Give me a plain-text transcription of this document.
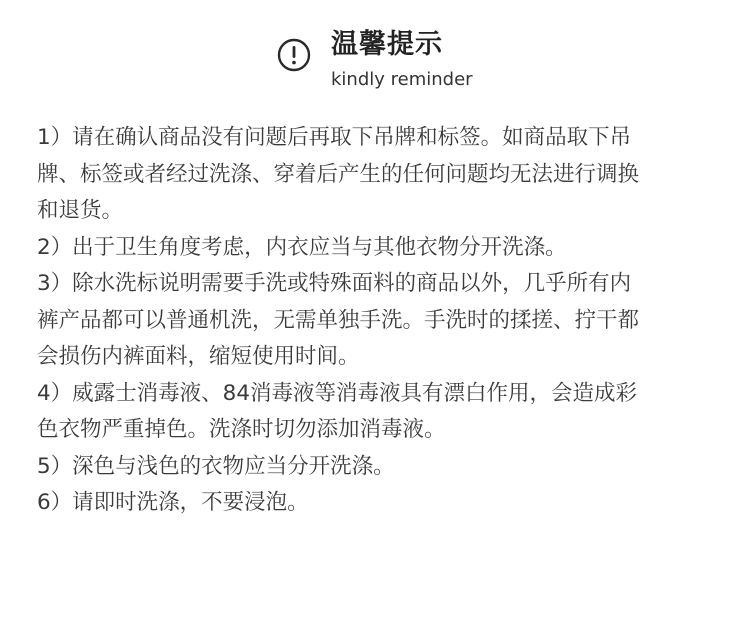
温馨提示
kindly reminder
1）请在确认商品没有问题后再取下吊牌和标签。如商品取下吊
牌、标签或者经过洗涤、穿着后产生的任何问题均无法进行调换
和退货。
2）出于卫生角度考虑，内衣应当与其他衣物分开洗涤。
3）除水洗标说明需要手洗或特殊面料的商品以外，几乎所有内
裤产品都可以普通机洗，无需单独手洗。手洗时的揉搓、拧干都
会损伤内裤面料，缩短使用时间。
4）威露士消毒液、84消毒液等消毒液具有漂白作用，会造成彩
色衣物严重掉色。洗涤时切勿添加消毒液。
5）深色与浅色的衣物应当分开洗涤。
6）请即时洗涤，不要浸泡。
